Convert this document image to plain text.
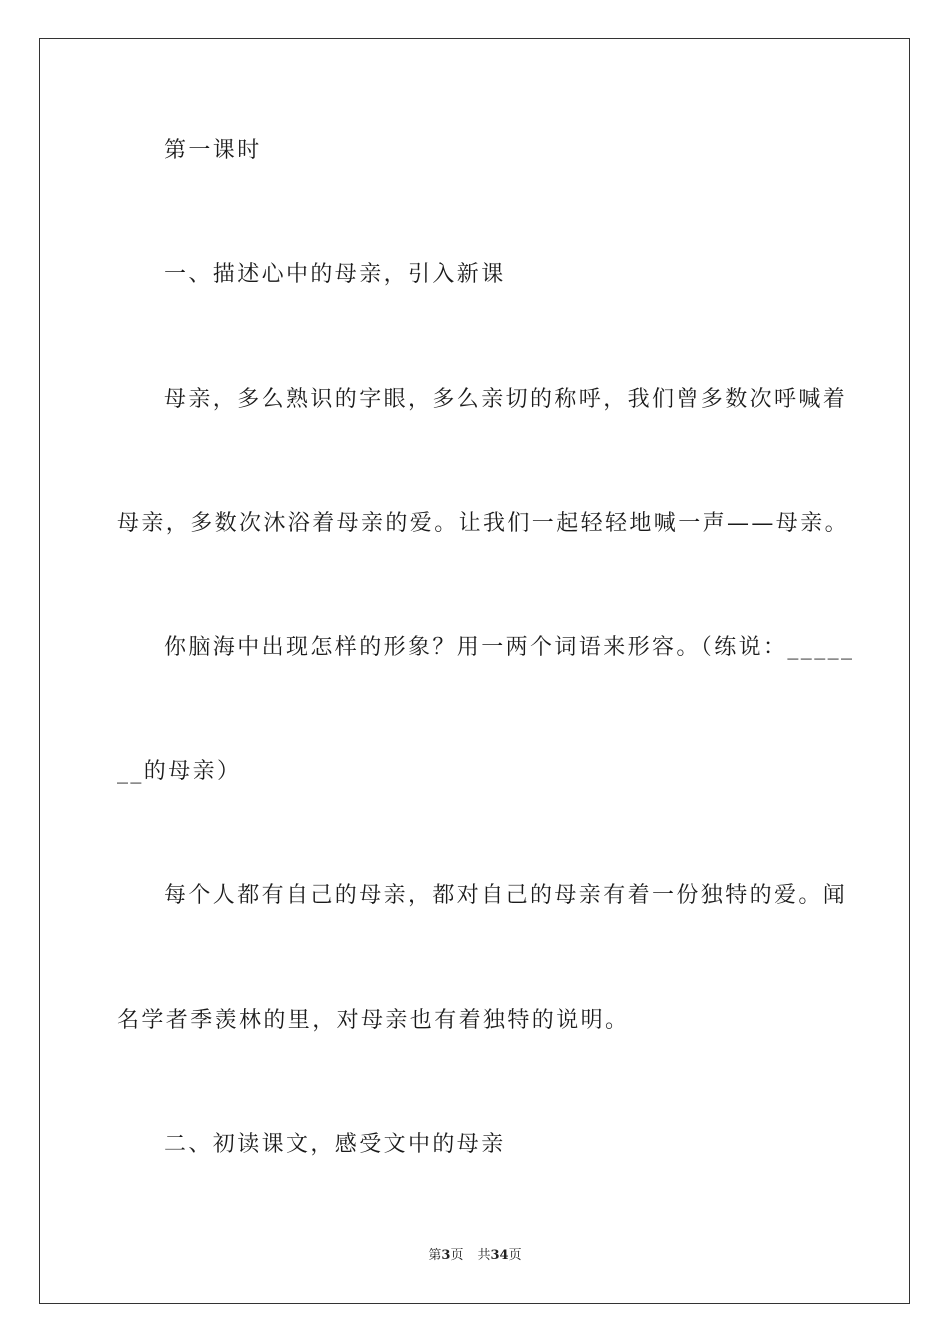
第一课时

一、描述心中的母亲，引入新课

母亲，多么熟识的字眼，多么亲切的称呼，我们曾多数次呼喊着

母亲，多数次沐浴着母亲的爱。让我们一起轻轻地喊一声——母亲。

你脑海中出现怎样的形象？用一两个词语来形容。（练说：_____

__的母亲）

每个人都有自己的母亲，都对自己的母亲有着一份独特的爱。闻

名学者季羡林的里，对母亲也有着独特的说明。

二、初读课文，感受文中的母亲

第3页 共34页
